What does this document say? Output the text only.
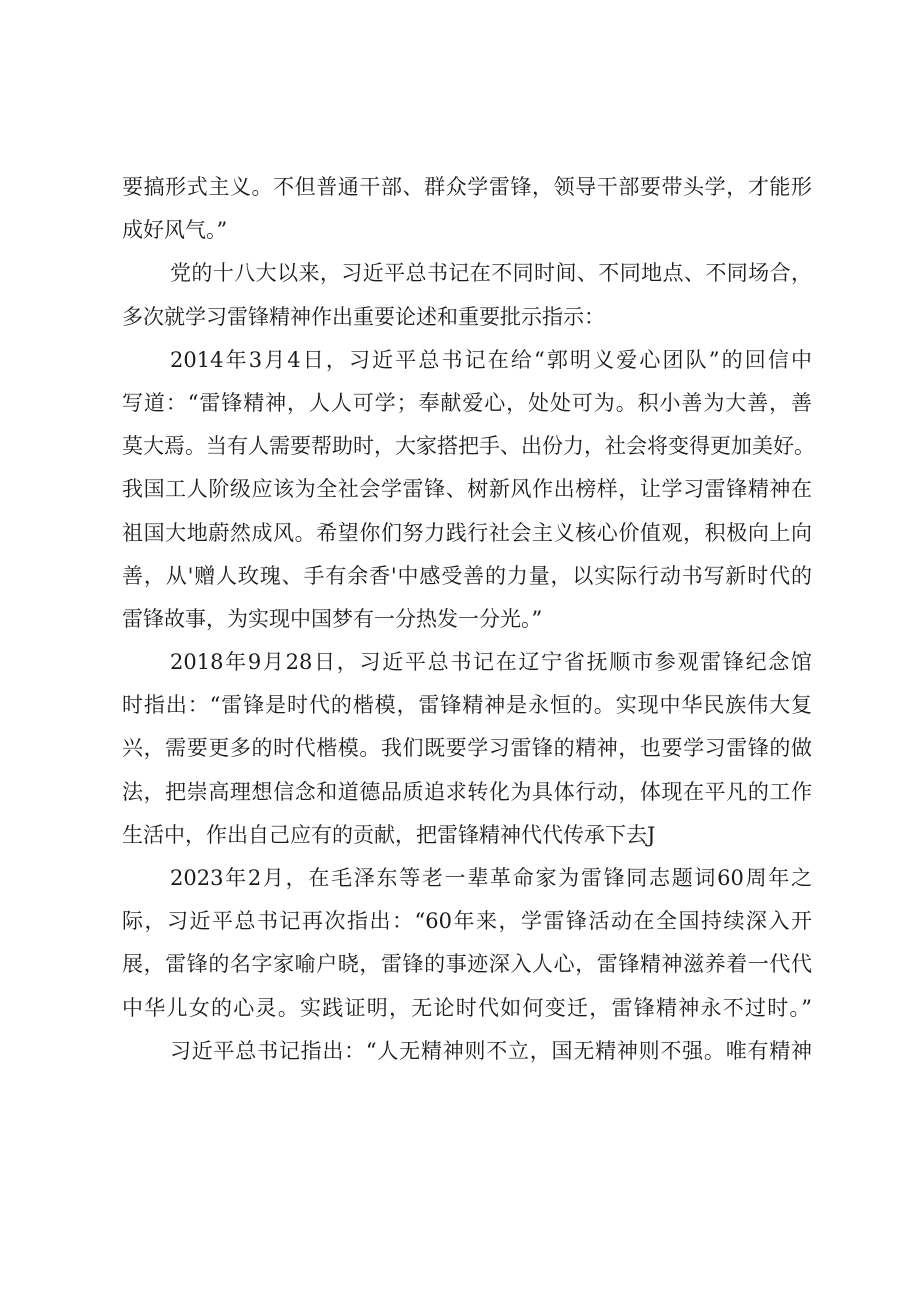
要搞形式主义。不但普通干部、群众学雷锋，领导干部要带头学，才能形
成好风气。”
党的十八大以来，习近平总书记在不同时间、不同地点、不同场合，
多次就学习雷锋精神作出重要论述和重要批示指示：
2014年3月4日，习近平总书记在给“郭明义爱心团队”的回信中
写道：“雷锋精神，人人可学；奉献爱心，处处可为。积小善为大善，善
莫大焉。当有人需要帮助时，大家搭把手、出份力，社会将变得更加美好。
我国工人阶级应该为全社会学雷锋、树新风作出榜样，让学习雷锋精神在
祖国大地蔚然成风。希望你们努力践行社会主义核心价值观，积极向上向
善，从'赠人玫瑰、手有余香'中感受善的力量，以实际行动书写新时代的
雷锋故事，为实现中国梦有一分热发一分光。”
2018年9月28日，习近平总书记在辽宁省抚顺市参观雷锋纪念馆
时指出：“雷锋是时代的楷模，雷锋精神是永恒的。实现中华民族伟大复
兴，需要更多的时代楷模。我们既要学习雷锋的精神，也要学习雷锋的做
法，把崇高理想信念和道德品质追求转化为具体行动，体现在平凡的工作
生活中，作出自己应有的贡献，把雷锋精神代代传承下去J
2023年2月，在毛泽东等老一辈革命家为雷锋同志题词60周年之
际，习近平总书记再次指出：“60年来，学雷锋活动在全国持续深入开
展，雷锋的名字家喻户晓，雷锋的事迹深入人心，雷锋精神滋养着一代代
中华儿女的心灵。实践证明，无论时代如何变迁，雷锋精神永不过时。”
习近平总书记指出：“人无精神则不立，国无精神则不强。唯有精神
